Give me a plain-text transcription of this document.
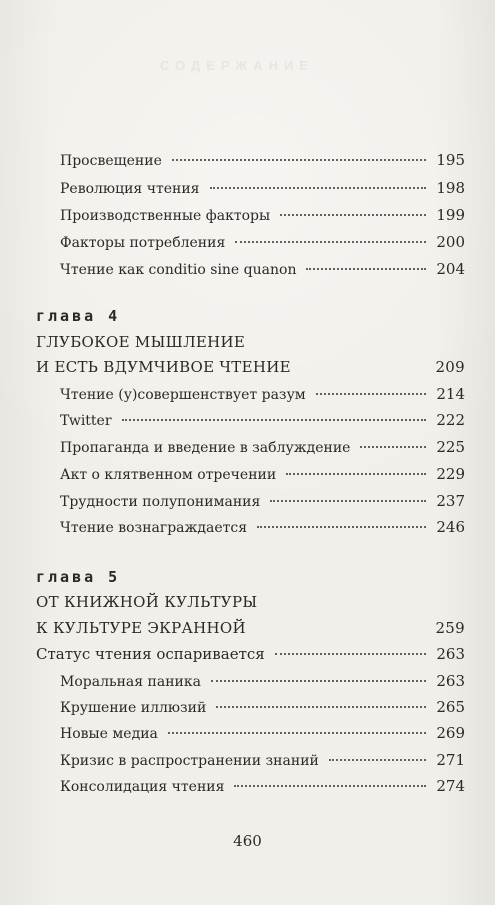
СОДЕРЖАНИЕ
Просвещение	195
Революция чтения	198
Производственные факторы	199
Факторы потребления	200
Чтение как conditio sine quanon	204
глава 4
ГЛУБОКОЕ МЫШЛЕНИЕ
И ЕСТЬ ВДУМЧИВОЕ ЧТЕНИЕ	209
Чтение (у)совершенствует разум	214
Twitter	222
Пропаганда и введение в заблуждение	225
Акт о клятвенном отречении	229
Трудности полупонимания	237
Чтение вознаграждается	246
глава 5
ОТ КНИЖНОЙ КУЛЬТУРЫ
К КУЛЬТУРЕ ЭКРАННОЙ	259
Статус чтения оспаривается	263
Моральная паника	263
Крушение иллюзий	265
Новые медиа	269
Кризис в распространении знаний	271
Консолидация чтения	274
460
